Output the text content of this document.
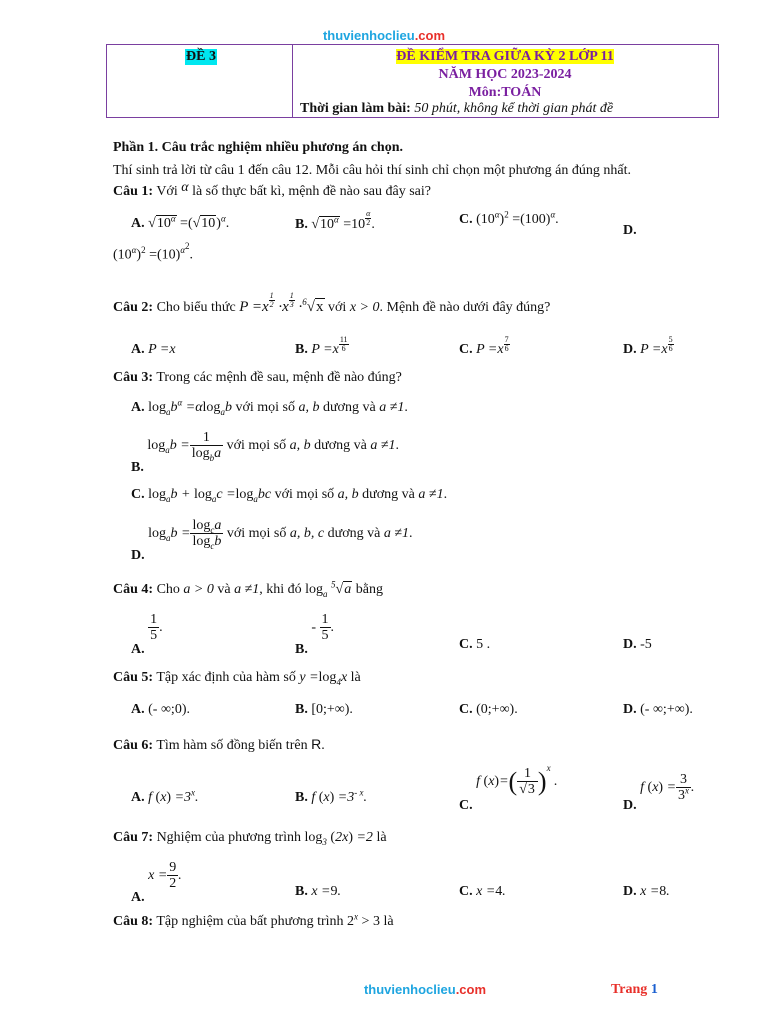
thuvienhoclieu.com
ĐỀ 3	ĐỀ KIỂM TRA GIỮA KỲ 2 LỚP 11
NĂM HỌC 2023-2024
Môn:TOÁN
Thời gian làm bài: 50 phút, không kể thời gian phát đề
Phần 1. Câu trắc nghiệm nhiều phương án chọn.
Thí sinh trả lời từ câu 1 đến câu 12. Mỗi câu hỏi thí sinh chỉ chọn một phương án đúng nhất.
Câu 1: Với α là số thực bất kì, mệnh đề nào sau đây sai?
A. $√10^\alpha =(√10)^\alpha$.	B. $√10^\alpha =10$ $^{\frac{\alpha}{2}}$ .	C. $(10^\alpha)^2 =(100)^\alpha$.
D.
$(10^\alpha)^2 =(10)^{\alpha^2}$.
Câu 2: Cho biểu thức P =x $^{\frac{1}{2}}$ ·x $^{\frac{1}{3}}$ ·$^6$√x với x > 0. Mệnh đề nào dưới đây đúng?
A. P =x	B. P =x $^{\frac{11}{6}}$	C. P =x $^{\frac{7}{6}}$	D. P =x $^{\frac{5}{6}}$
Câu 3: Trong các mệnh đề sau, mệnh đề nào đúng?
A. $\log_ab^\alpha =\alpha\log_ab$ với mọi số a, b dương và a ≠1.
B. $\log_ab = \frac{1}{\log_ba}$ với mọi số a, b dương và a ≠1.
C. $\log_ab + \log_ac =\log_abc$ với mọi số a, b dương và a ≠1.
D. $\log_ab = \frac{\log_ca}{\log_cb}$ với mọi số a, b, c dương và a ≠1.
Câu 4: Cho a > 0 và a ≠1, khi đó $\log_a ^5√a$ bằng
A.
$\frac{1}{5}$ .
B. - $\frac{1}{5}$ .
C. 5 .	D. -5
Câu 5: Tập xác định của hàm số $y =\log_4x$ là
A. (- ∞;0).	B. [0;+∞).	C. (0;+∞).	D. (- ∞;+∞).
Câu 6: Tìm hàm số đồng biến trên R.
A. f $(x) =3^x$.	B. f $(x) =3^{- x}$.
C. f $(x)=( \frac{1}{√3} )^x$ .
D. f $(x) = \frac{3}{3^x}$ .
Câu 7: Nghiệm của phương trình $\log_3 (2x) =2$ là
A. $x = \frac{9}{2}$ .
B. x =9.	C. x =4.	D. x =8.
Câu 8: Tập nghiệm của bất phương trình $2^x > 3$ là
thuvienhoclieu.com	Trang 1
